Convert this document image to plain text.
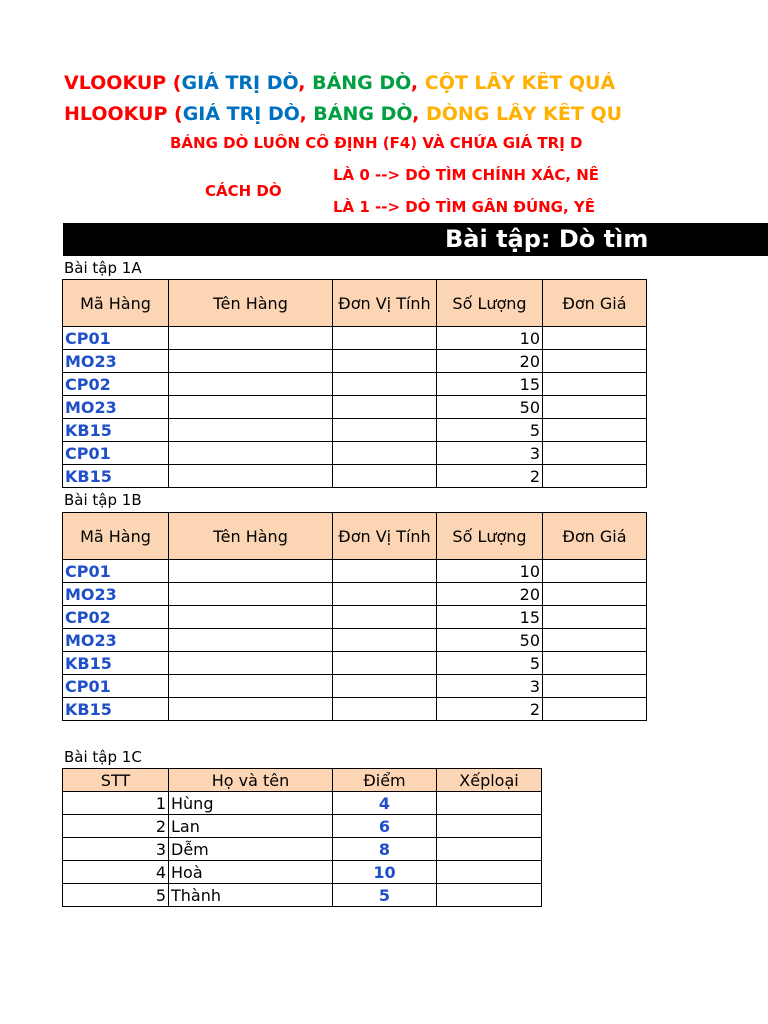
VLOOKUP (GIÁ TRỊ DÒ, BẢNG DÒ, CỘT LẤY KẾT QUẢ
HLOOKUP (GIÁ TRỊ DÒ, BẢNG DÒ, DÒNG LẤY KẾT QU
BẢNG DÒ LUÔN CỐ ĐỊNH (F4) VÀ CHỨA GIÁ TRỊ D
CÁCH DÒ
LÀ 0 --> DÒ TÌM CHÍNH XÁC, NẾ
LÀ 1 --> DÒ TÌM GẦN ĐÚNG, YÊ
Bài tập: Dò tìm
Bài tập 1A
Mã Hàng	Tên Hàng	Đơn Vị Tính	Số Lượng	Đơn Giá
CP01			10	
MO23			20	
CP02			15	
MO23			50	
KB15			5	
CP01			3	
KB15			2	
Bài tập 1B
Mã Hàng	Tên Hàng	Đơn Vị Tính	Số Lượng	Đơn Giá
CP01			10	
MO23			20	
CP02			15	
MO23			50	
KB15			5	
CP01			3	
KB15			2	
Bài tập 1C
STT	Họ và tên	Điểm	Xếploại
1	Hùng	4	
2	Lan	6	
3	Dễm	8	
4	Hoà	10	
5	Thành	5	
